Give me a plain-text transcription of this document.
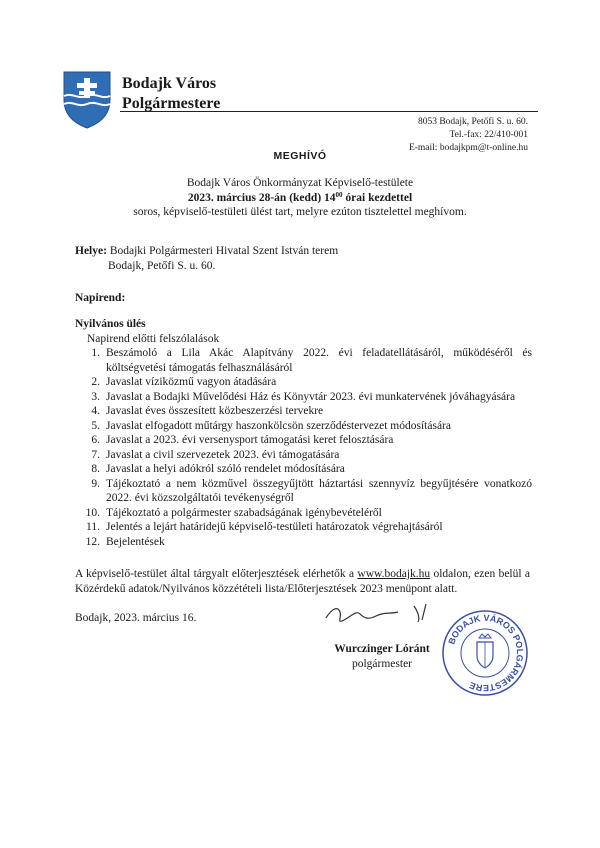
Bodajk Város
Polgármestere
8053 Bodajk, Petőfi S. u. 60.
Tel.-fax: 22/410-001
E-mail: bodajkpm@t-online.hu
MEGHÍVÓ
Bodajk Város Önkormányzat Képviselő-testülete
2023. március 28-án (kedd) $14^{00}$ órai kezdettel
soros, képviselő-testületi ülést tart, melyre ezúton tisztelettel meghívom.
Helye: Bodajki Polgármesteri Hivatal Szent István terem
Bodajk, Petőfi S. u. 60.
Napirend:
Nyilvános ülés
Napirend előtti felszólalások
1. Beszámoló a Lila Akác Alapítvány 2022. évi feladatellátásáról, működéséről és költségvetési támogatás felhasználásáról
2. Javaslat víziközmű vagyon átadására
3. Javaslat a Bodajki Művelődési Ház és Könyvtár 2023. évi munkatervének jóváhagyására
4. Javaslat éves összesített közbeszerzési tervekre
5. Javaslat elfogadott műtárgy haszonkölcsön szerződéstervezet módosítására
6. Javaslat a 2023. évi versenysport támogatási keret felosztására
7. Javaslat a civil szervezetek 2023. évi támogatására
8. Javaslat a helyi adókról szóló rendelet módosítására
9. Tájékoztató a nem közművel összegyűjtött háztartási szennyvíz begyűjtésére vonatkozó 2022. évi közszolgáltatói tevékenységről
10. Tájékoztató a polgármester szabadságának igénybevételéről
11. Jelentés a lejárt határidejű képviselő-testületi határozatok végrehajtásáról
12. Bejelentések
A képviselő-testület által tárgyalt előterjesztések elérhetők a www.bodajk.hu oldalon, ezen belül a Közérdekű adatok/Nyilvános közzétételi lista/Előterjesztések 2023 menüpont alatt.
Bodajk, 2023. március 16.
Wurczinger Lóránt
polgármester
BODAJK VÁROS POLGÁRMESTERE
